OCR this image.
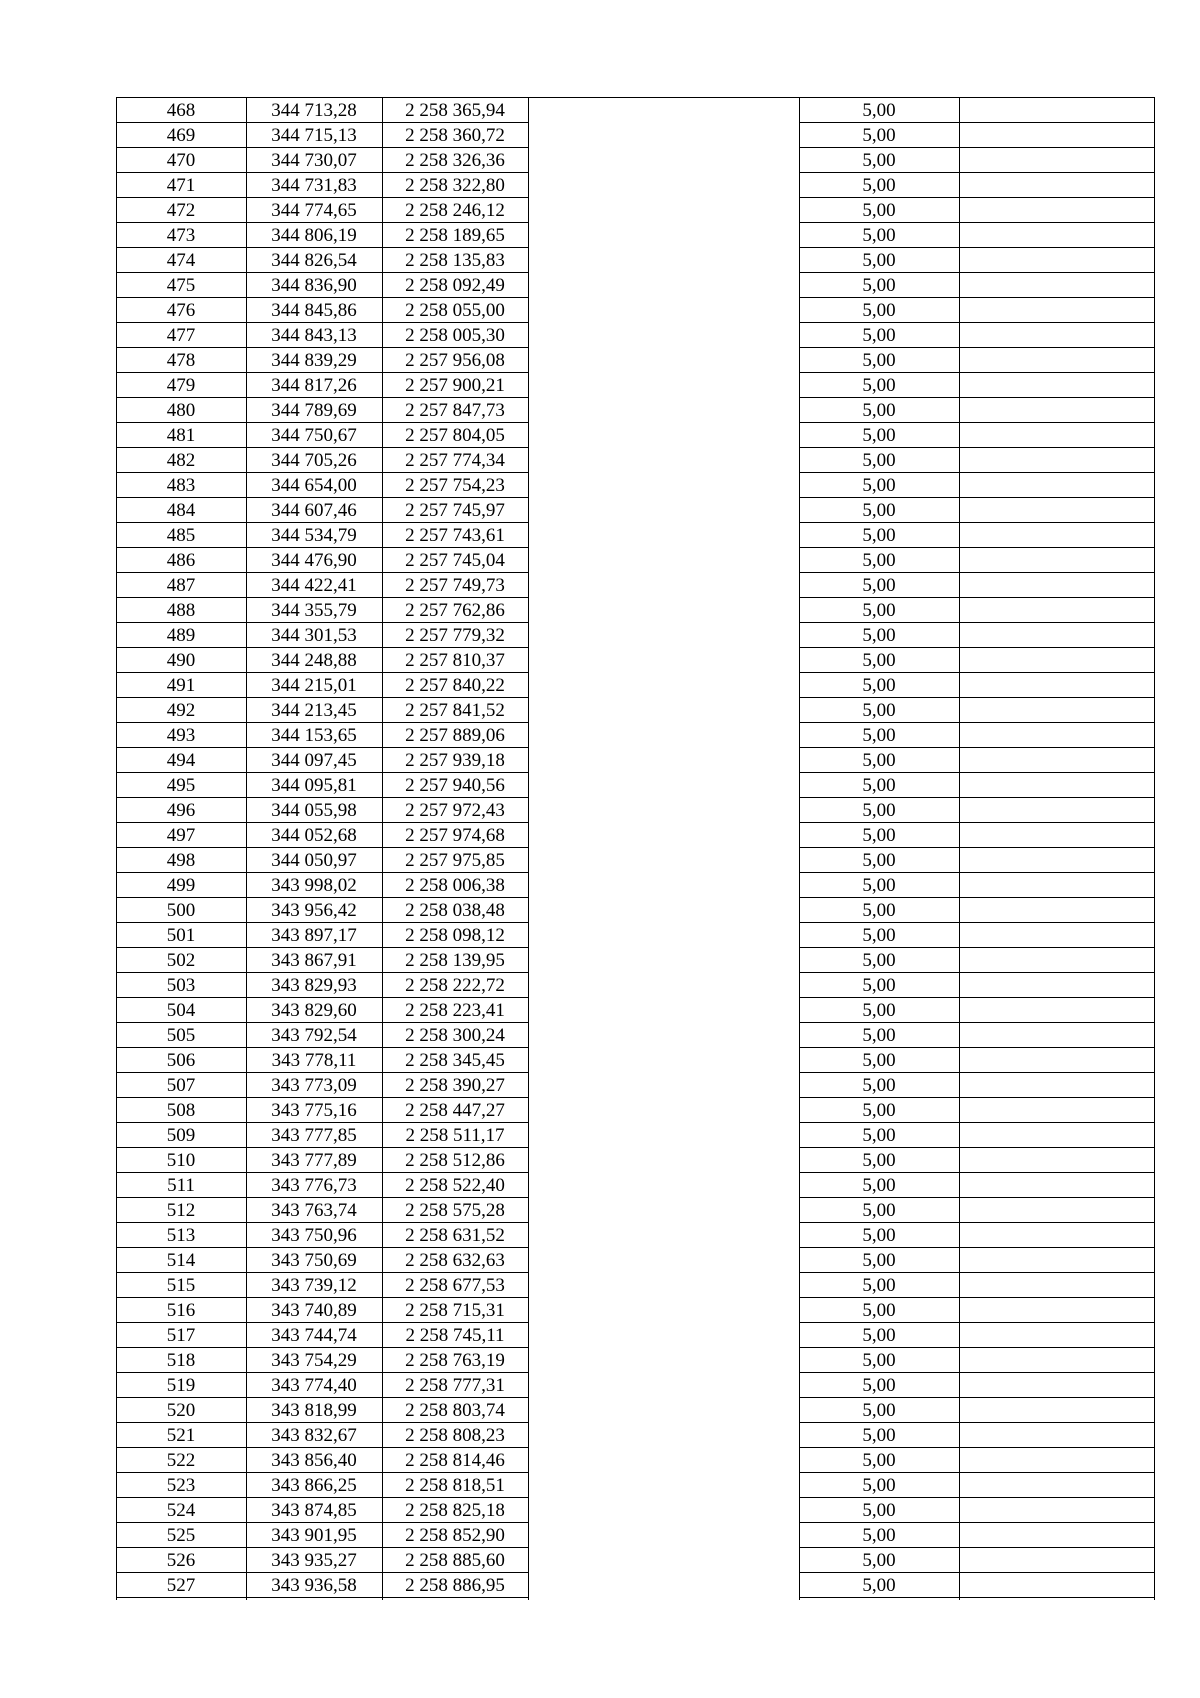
468	344 713,28	2 258 365,94	5,00
469	344 715,13	2 258 360,72	5,00
470	344 730,07	2 258 326,36	5,00
471	344 731,83	2 258 322,80	5,00
472	344 774,65	2 258 246,12	5,00
473	344 806,19	2 258 189,65	5,00
474	344 826,54	2 258 135,83	5,00
475	344 836,90	2 258 092,49	5,00
476	344 845,86	2 258 055,00	5,00
477	344 843,13	2 258 005,30	5,00
478	344 839,29	2 257 956,08	5,00
479	344 817,26	2 257 900,21	5,00
480	344 789,69	2 257 847,73	5,00
481	344 750,67	2 257 804,05	5,00
482	344 705,26	2 257 774,34	5,00
483	344 654,00	2 257 754,23	5,00
484	344 607,46	2 257 745,97	5,00
485	344 534,79	2 257 743,61	5,00
486	344 476,90	2 257 745,04	5,00
487	344 422,41	2 257 749,73	5,00
488	344 355,79	2 257 762,86	5,00
489	344 301,53	2 257 779,32	5,00
490	344 248,88	2 257 810,37	5,00
491	344 215,01	2 257 840,22	5,00
492	344 213,45	2 257 841,52	5,00
493	344 153,65	2 257 889,06	5,00
494	344 097,45	2 257 939,18	5,00
495	344 095,81	2 257 940,56	5,00
496	344 055,98	2 257 972,43	5,00
497	344 052,68	2 257 974,68	5,00
498	344 050,97	2 257 975,85	5,00
499	343 998,02	2 258 006,38	5,00
500	343 956,42	2 258 038,48	5,00
501	343 897,17	2 258 098,12	5,00
502	343 867,91	2 258 139,95	5,00
503	343 829,93	2 258 222,72	5,00
504	343 829,60	2 258 223,41	5,00
505	343 792,54	2 258 300,24	5,00
506	343 778,11	2 258 345,45	5,00
507	343 773,09	2 258 390,27	5,00
508	343 775,16	2 258 447,27	5,00
509	343 777,85	2 258 511,17	5,00
510	343 777,89	2 258 512,86	5,00
511	343 776,73	2 258 522,40	5,00
512	343 763,74	2 258 575,28	5,00
513	343 750,96	2 258 631,52	5,00
514	343 750,69	2 258 632,63	5,00
515	343 739,12	2 258 677,53	5,00
516	343 740,89	2 258 715,31	5,00
517	343 744,74	2 258 745,11	5,00
518	343 754,29	2 258 763,19	5,00
519	343 774,40	2 258 777,31	5,00
520	343 818,99	2 258 803,74	5,00
521	343 832,67	2 258 808,23	5,00
522	343 856,40	2 258 814,46	5,00
523	343 866,25	2 258 818,51	5,00
524	343 874,85	2 258 825,18	5,00
525	343 901,95	2 258 852,90	5,00
526	343 935,27	2 258 885,60	5,00
527	343 936,58	2 258 886,95	5,00
